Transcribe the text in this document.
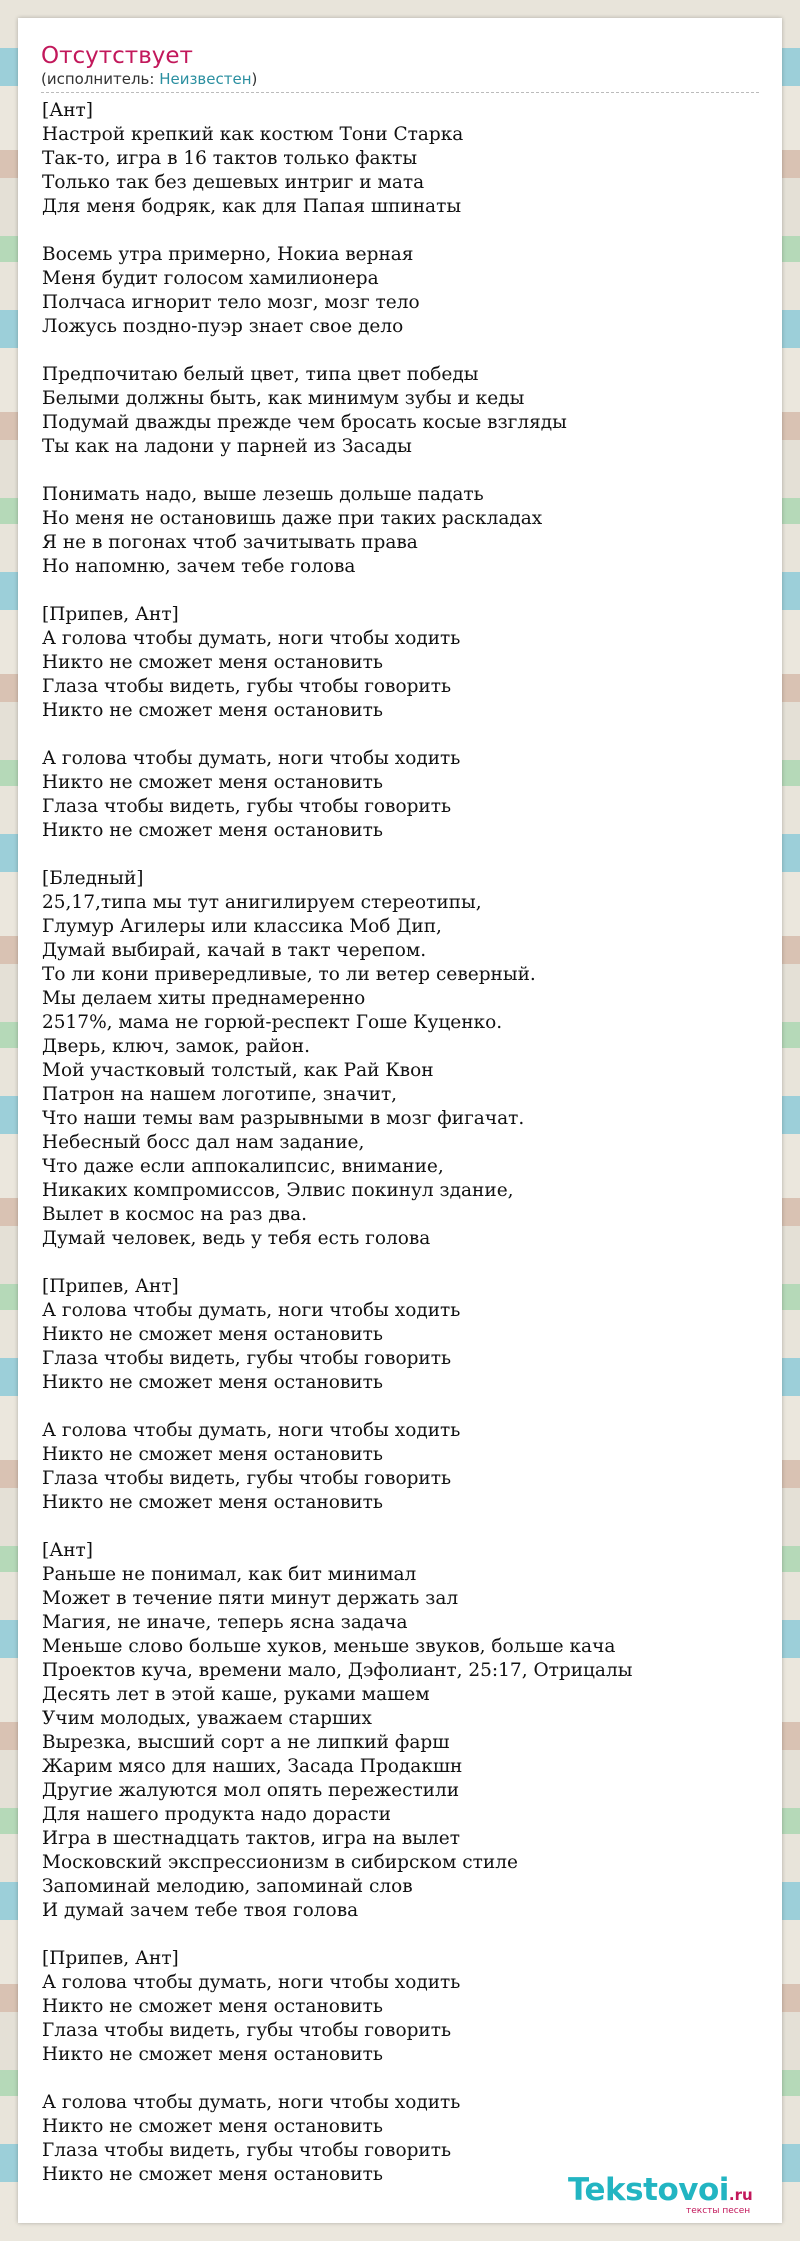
Отсутствует
(исполнитель: Неизвестен)
[Ант]
Настрой крепкий как костюм Тони Старка
Так-то, игра в 16 тактов только факты
Только так без дешевых интриг и мата
Для меня бодряк, как для Папая шпинаты

Восемь утра примерно, Нокиа верная
Меня будит голосом хамилионера
Полчаса игнорит тело мозг, мозг тело
Ложусь поздно-пуэр знает свое дело

Предпочитаю белый цвет, типа цвет победы
Белыми должны быть, как минимум зубы и кеды
Подумай дважды прежде чем бросать косые взгляды
Ты как на ладони у парней из Засады

Понимать надо, выше лезешь дольше падать
Но меня не остановишь даже при таких раскладах
Я не в погонах чтоб зачитывать права
Но напомню, зачем тебе голова

[Припев, Ант]
А голова чтобы думать, ноги чтобы ходить
Никто не сможет меня остановить
Глаза чтобы видеть, губы чтобы говорить
Никто не сможет меня остановить

А голова чтобы думать, ноги чтобы ходить
Никто не сможет меня остановить
Глаза чтобы видеть, губы чтобы говорить
Никто не сможет меня остановить

[Бледный]
25,17,типа мы тут анигилируем стереотипы,
Глумур Агилеры или классика Моб Дип,
Думай выбирай, качай в такт черепом.
То ли кони привередливые, то ли ветер северный.
Мы делаем хиты преднамеренно
2517%, мама не горюй-респект Гоше Куценко.
Дверь, ключ, замок, район.
Мой участковый толстый, как Рай Квон
Патрон на нашем логотипе, значит,
Что наши темы вам разрывными в мозг фигачат.
Небесный босс дал нам задание,
Что даже если аппокалипсис, внимание,
Никаких компромиссов, Элвис покинул здание,
Вылет в космос на раз два.
Думай человек, ведь у тебя есть голова

[Припев, Ант]
А голова чтобы думать, ноги чтобы ходить
Никто не сможет меня остановить
Глаза чтобы видеть, губы чтобы говорить
Никто не сможет меня остановить

А голова чтобы думать, ноги чтобы ходить
Никто не сможет меня остановить
Глаза чтобы видеть, губы чтобы говорить
Никто не сможет меня остановить

[Ант]
Раньше не понимал, как бит минимал
Может в течение пяти минут держать зал
Магия, не иначе, теперь ясна задача
Меньше слово больше хуков, меньше звуков, больше кача
Проектов куча, времени мало, Дэфолиант, 25:17, Отрицалы
Десять лет в этой каше, руками машем
Учим молодых, уважаем старших
Вырезка, высший сорт а не липкий фарш
Жарим мясо для наших, Засада Продакшн
Другие жалуются мол опять пережестили
Для нашего продукта надо дорасти
Игра в шестнадцать тактов, игра на вылет
Московский экспрессионизм в сибирском стиле
Запоминай мелодию, запоминай слов
И думай зачем тебе твоя голова

[Припев, Ант]
А голова чтобы думать, ноги чтобы ходить
Никто не сможет меня остановить
Глаза чтобы видеть, губы чтобы говорить
Никто не сможет меня остановить

А голова чтобы думать, ноги чтобы ходить
Никто не сможет меня остановить
Глаза чтобы видеть, губы чтобы говорить
Никто не сможет меня остановить	Tekstovoi.ru
тексты песен
